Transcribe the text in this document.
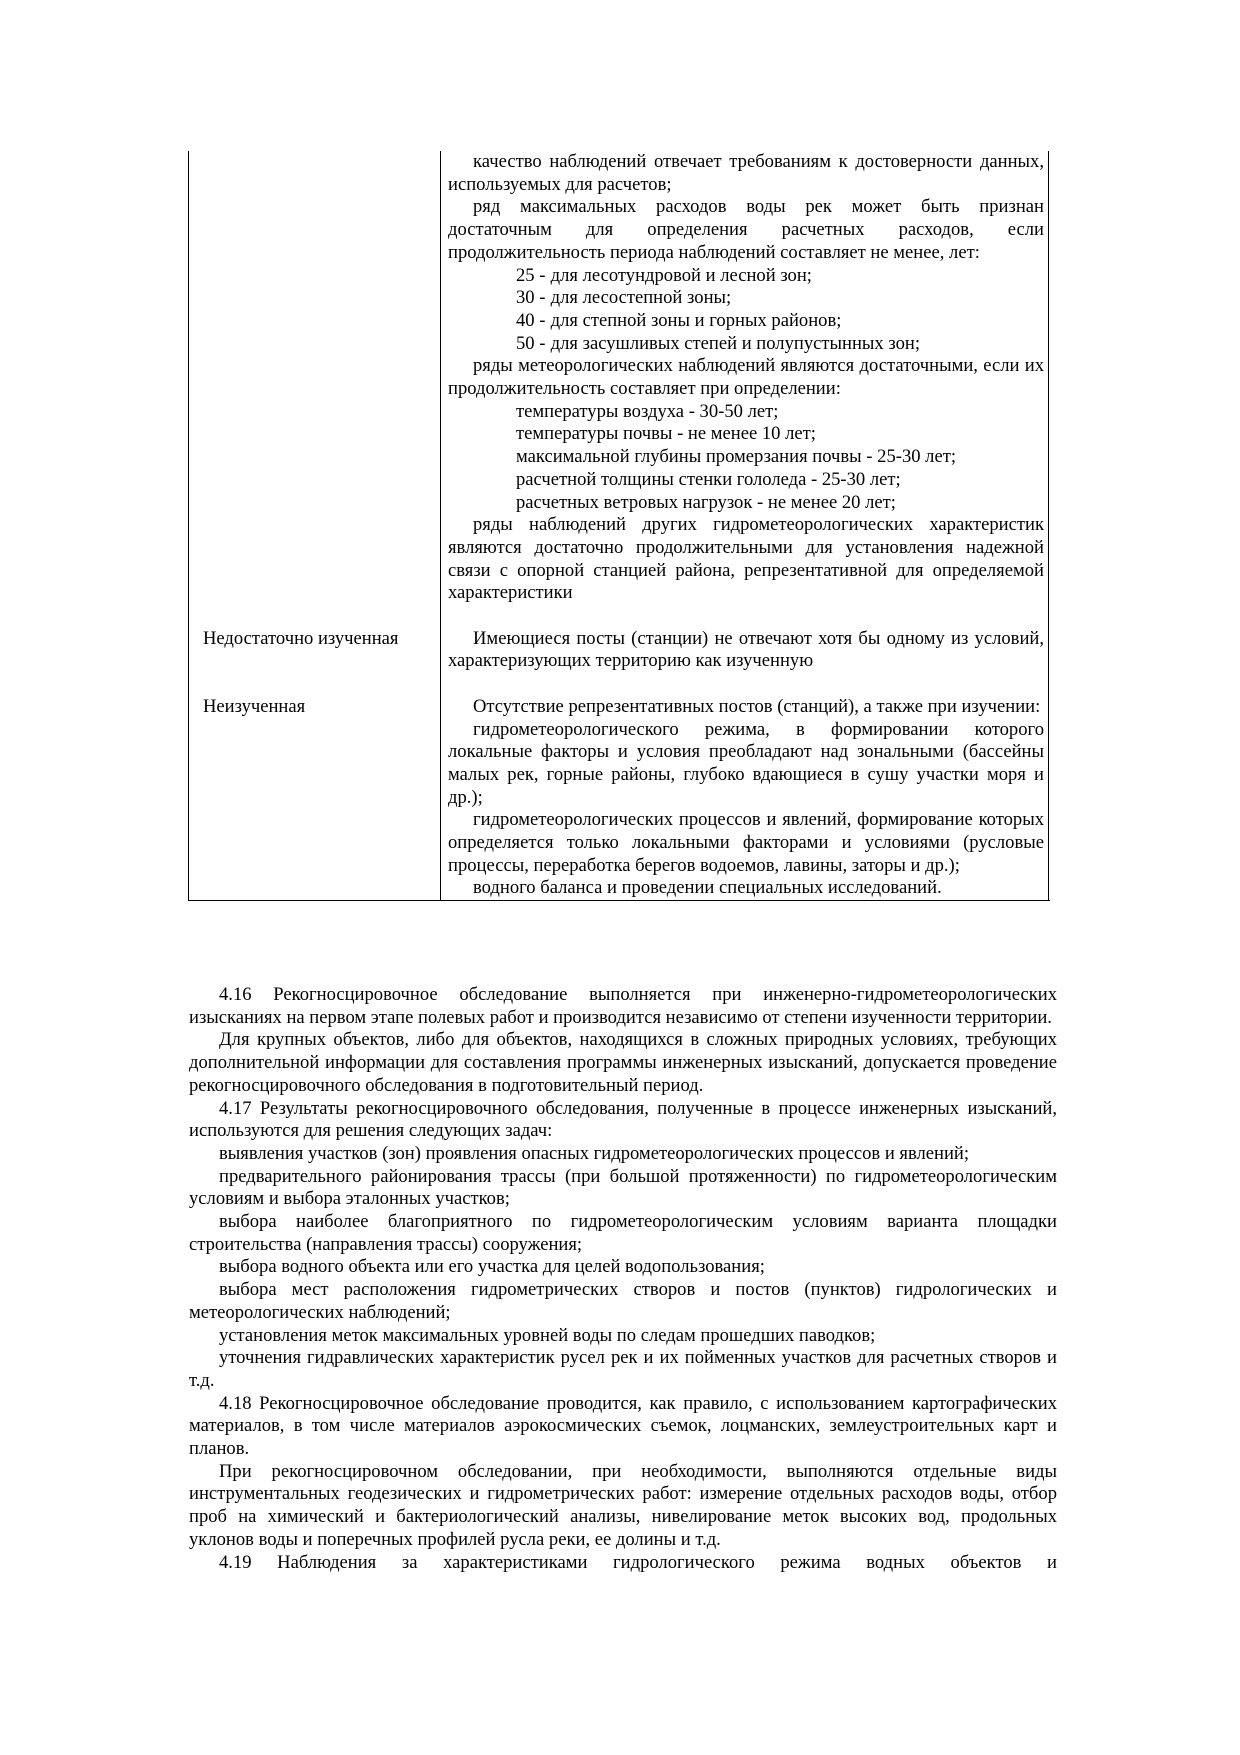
качество наблюдений отвечает требованиям к достоверности данных, используемых для расчетов;

ряд максимальных расходов воды рек может быть признан достаточным для определения расчетных расходов, если продолжительность периода наблюдений составляет не менее, лет:

25 - для лесотундровой и лесной зон;

30 - для лесостепной зоны;

40 - для степной зоны и горных районов;

50 - для засушливых степей и полупустынных зон;

ряды метеорологических наблюдений являются достаточными, если их продолжительность составляет при определении:

температуры воздуха - 30-50 лет;

температуры почвы - не менее 10 лет;

максимальной глубины промерзания почвы - 25-30 лет;

расчетной толщины стенки гололеда - 25-30 лет;

расчетных ветровых нагрузок - не менее 20 лет;

ряды наблюдений других гидрометеорологических характеристик являются достаточно продолжительными для установления надежной связи с опорной станцией района, репрезентативной для определяемой характеристики

Недостаточно изученная	Имеющиеся посты (станции) не отвечают хотя бы одному из условий, характеризующих территорию как изученную

Неизученная	Отсутствие репрезентативных постов (станций), а также при изучении:

гидрометеорологического режима, в формировании которого локальные факторы и условия преобладают над зональными (бассейны малых рек, горные районы, глубоко вдающиеся в сушу участки моря и др.);

гидрометеорологических процессов и явлений, формирование которых определяется только локальными факторами и условиями (русловые процессы, переработка берегов водоемов, лавины, заторы и др.);

водного баланса и проведении специальных исследований.

4.16 Рекогносцировочное обследование выполняется при инженерно-гидрометеорологических изысканиях на первом этапе полевых работ и производится независимо от степени изученности территории.

Для крупных объектов, либо для объектов, находящихся в сложных природных условиях, требующих дополнительной информации для составления программы инженерных изысканий, допускается проведение рекогносцировочного обследования в подготовительный период.

4.17 Результаты рекогносцировочного обследования, полученные в процессе инженерных изысканий, используются для решения следующих задач:

выявления участков (зон) проявления опасных гидрометеорологических процессов и явлений;

предварительного районирования трассы (при большой протяженности) по гидрометеорологическим условиям и выбора эталонных участков;

выбора наиболее благоприятного по гидрометеорологическим условиям варианта площадки строительства (направления трассы) сооружения;

выбора водного объекта или его участка для целей водопользования;

выбора мест расположения гидрометрических створов и постов (пунктов) гидрологических и метеорологических наблюдений;

установления меток максимальных уровней воды по следам прошедших паводков;

уточнения гидравлических характеристик русел рек и их пойменных участков для расчетных створов и т.д.

4.18 Рекогносцировочное обследование проводится, как правило, с использованием картографических материалов, в том числе материалов аэрокосмических съемок, лоцманских, землеустроительных карт и планов.

При рекогносцировочном обследовании, при необходимости, выполняются отдельные виды инструментальных геодезических и гидрометрических работ: измерение отдельных расходов воды, отбор проб на химический и бактериологический анализы, нивелирование меток высоких вод, продольных уклонов воды и поперечных профилей русла реки, ее долины и т.д.

4.19 Наблюдения за характеристиками гидрологического режима водных объектов и
